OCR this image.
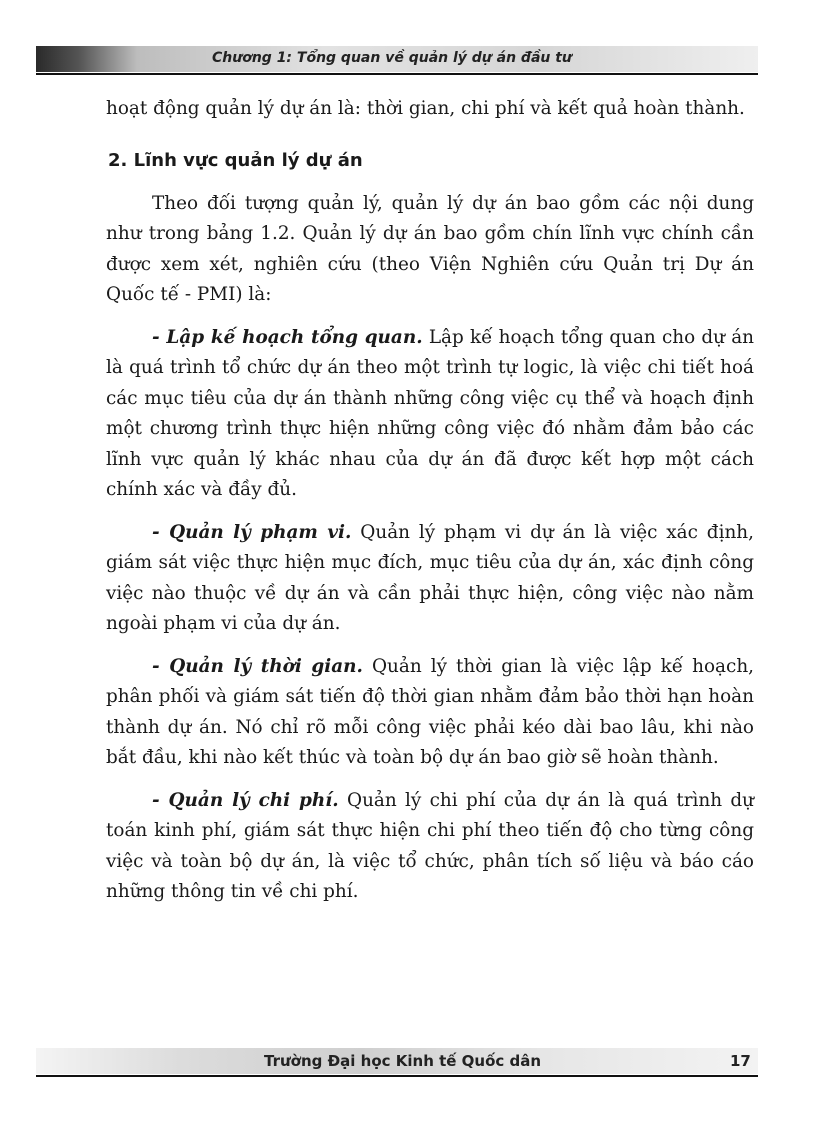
Chương 1: Tổng quan về quản lý dự án đầu tư

hoạt động quản lý dự án là: thời gian, chi phí và kết quả hoàn thành.

2. Lĩnh vực quản lý dự án

Theo đối tượng quản lý, quản lý dự án bao gồm các nội dung như trong bảng 1.2. Quản lý dự án bao gồm chín lĩnh vực chính cần được xem xét, nghiên cứu (theo Viện Nghiên cứu Quản trị Dự án Quốc tế - PMI) là:

- Lập kế hoạch tổng quan. Lập kế hoạch tổng quan cho dự án là quá trình tổ chức dự án theo một trình tự logic, là việc chi tiết hoá các mục tiêu của dự án thành những công việc cụ thể và hoạch định một chương trình thực hiện những công việc đó nhằm đảm bảo các lĩnh vực quản lý khác nhau của dự án đã được kết hợp một cách chính xác và đầy đủ.

- Quản lý phạm vi. Quản lý phạm vi dự án là việc xác định, giám sát việc thực hiện mục đích, mục tiêu của dự án, xác định công việc nào thuộc về dự án và cần phải thực hiện, công việc nào nằm ngoài phạm vi của dự án.

- Quản lý thời gian. Quản lý thời gian là việc lập kế hoạch, phân phối và giám sát tiến độ thời gian nhằm đảm bảo thời hạn hoàn thành dự án. Nó chỉ rõ mỗi công việc phải kéo dài bao lâu, khi nào bắt đầu, khi nào kết thúc và toàn bộ dự án bao giờ sẽ hoàn thành.

- Quản lý chi phí. Quản lý chi phí của dự án là quá trình dự toán kinh phí, giám sát thực hiện chi phí theo tiến độ cho từng công việc và toàn bộ dự án, là việc tổ chức, phân tích số liệu và báo cáo những thông tin về chi phí.

Trường Đại học Kinh tế Quốc dân	17
